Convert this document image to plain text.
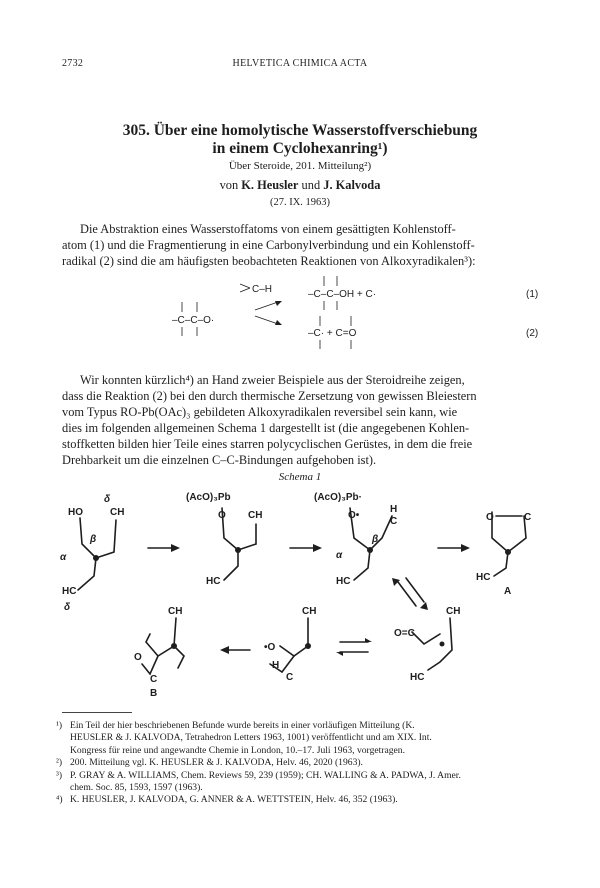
2732	HELVETICA CHIMICA ACTA
305. Über eine homolytische Wasserstoffverschiebung
in einem Cyclohexanring¹)
Über Steroide, 201. Mitteilung²)
von K. Heusler und J. Kalvoda
(27. IX. 1963)
Die Abstraktion eines Wasserstoffatoms von einem gesättigten Kohlenstoff-
atom (1) und die Fragmentierung in eine Carbonylverbindung und ein Kohlenstoff-
radikal (2) sind die am häufigsten beobachteten Reaktionen von Alkoxyradikalen³):
–C–C–O·
C–H	–C–C–OH + C·	(1)
–C· + C=O	(2)
Wir konnten kürzlich⁴) an Hand zweier Beispiele aus der Steroidreihe zeigen,
dass die Reaktion (2) bei den durch thermische Zersetzung von gewissen Bleiestern
vom Typus RO-Pb(OAc)₃ gebildeten Alkoxyradikalen reversibel sein kann, wie
dies im folgenden allgemeinen Schema 1 dargestellt ist (die angegebenen Kohlen-
stoffketten bilden hier Teile eines starren polycyclischen Gerüstes, in dem die freie
Drehbarkeit um die einzelnen C–C-Bindungen aufgehoben ist).
Schema 1
δ
HO	CH
α
β
HC
δ
(AcO)₃Pb
O CH
HC
(AcO)₃Pb·
O•
H
C
α
β
HC
O	C
HC
A
CH
O
C
B
CH
•O
H
C
CH
O=C
HC
¹) Ein Teil der hier beschriebenen Befunde wurde bereits in einer vorläufigen Mitteilung (K.
HEUSLER & J. KALVODA, Tetrahedron Letters 1963, 1001) veröffentlicht und am XIX. Int.
Kongress für reine und angewandte Chemie in London, 10.–17. Juli 1963, vorgetragen.
²) 200. Mitteilung vgl. K. HEUSLER & J. KALVODA, Helv. 46, 2020 (1963).
³) P. GRAY & A. WILLIAMS, Chem. Reviews 59, 239 (1959); CH. WALLING & A. PADWA, J. Amer.
chem. Soc. 85, 1593, 1597 (1963).
⁴) K. HEUSLER, J. KALVODA, G. ANNER & A. WETTSTEIN, Helv. 46, 352 (1963).
